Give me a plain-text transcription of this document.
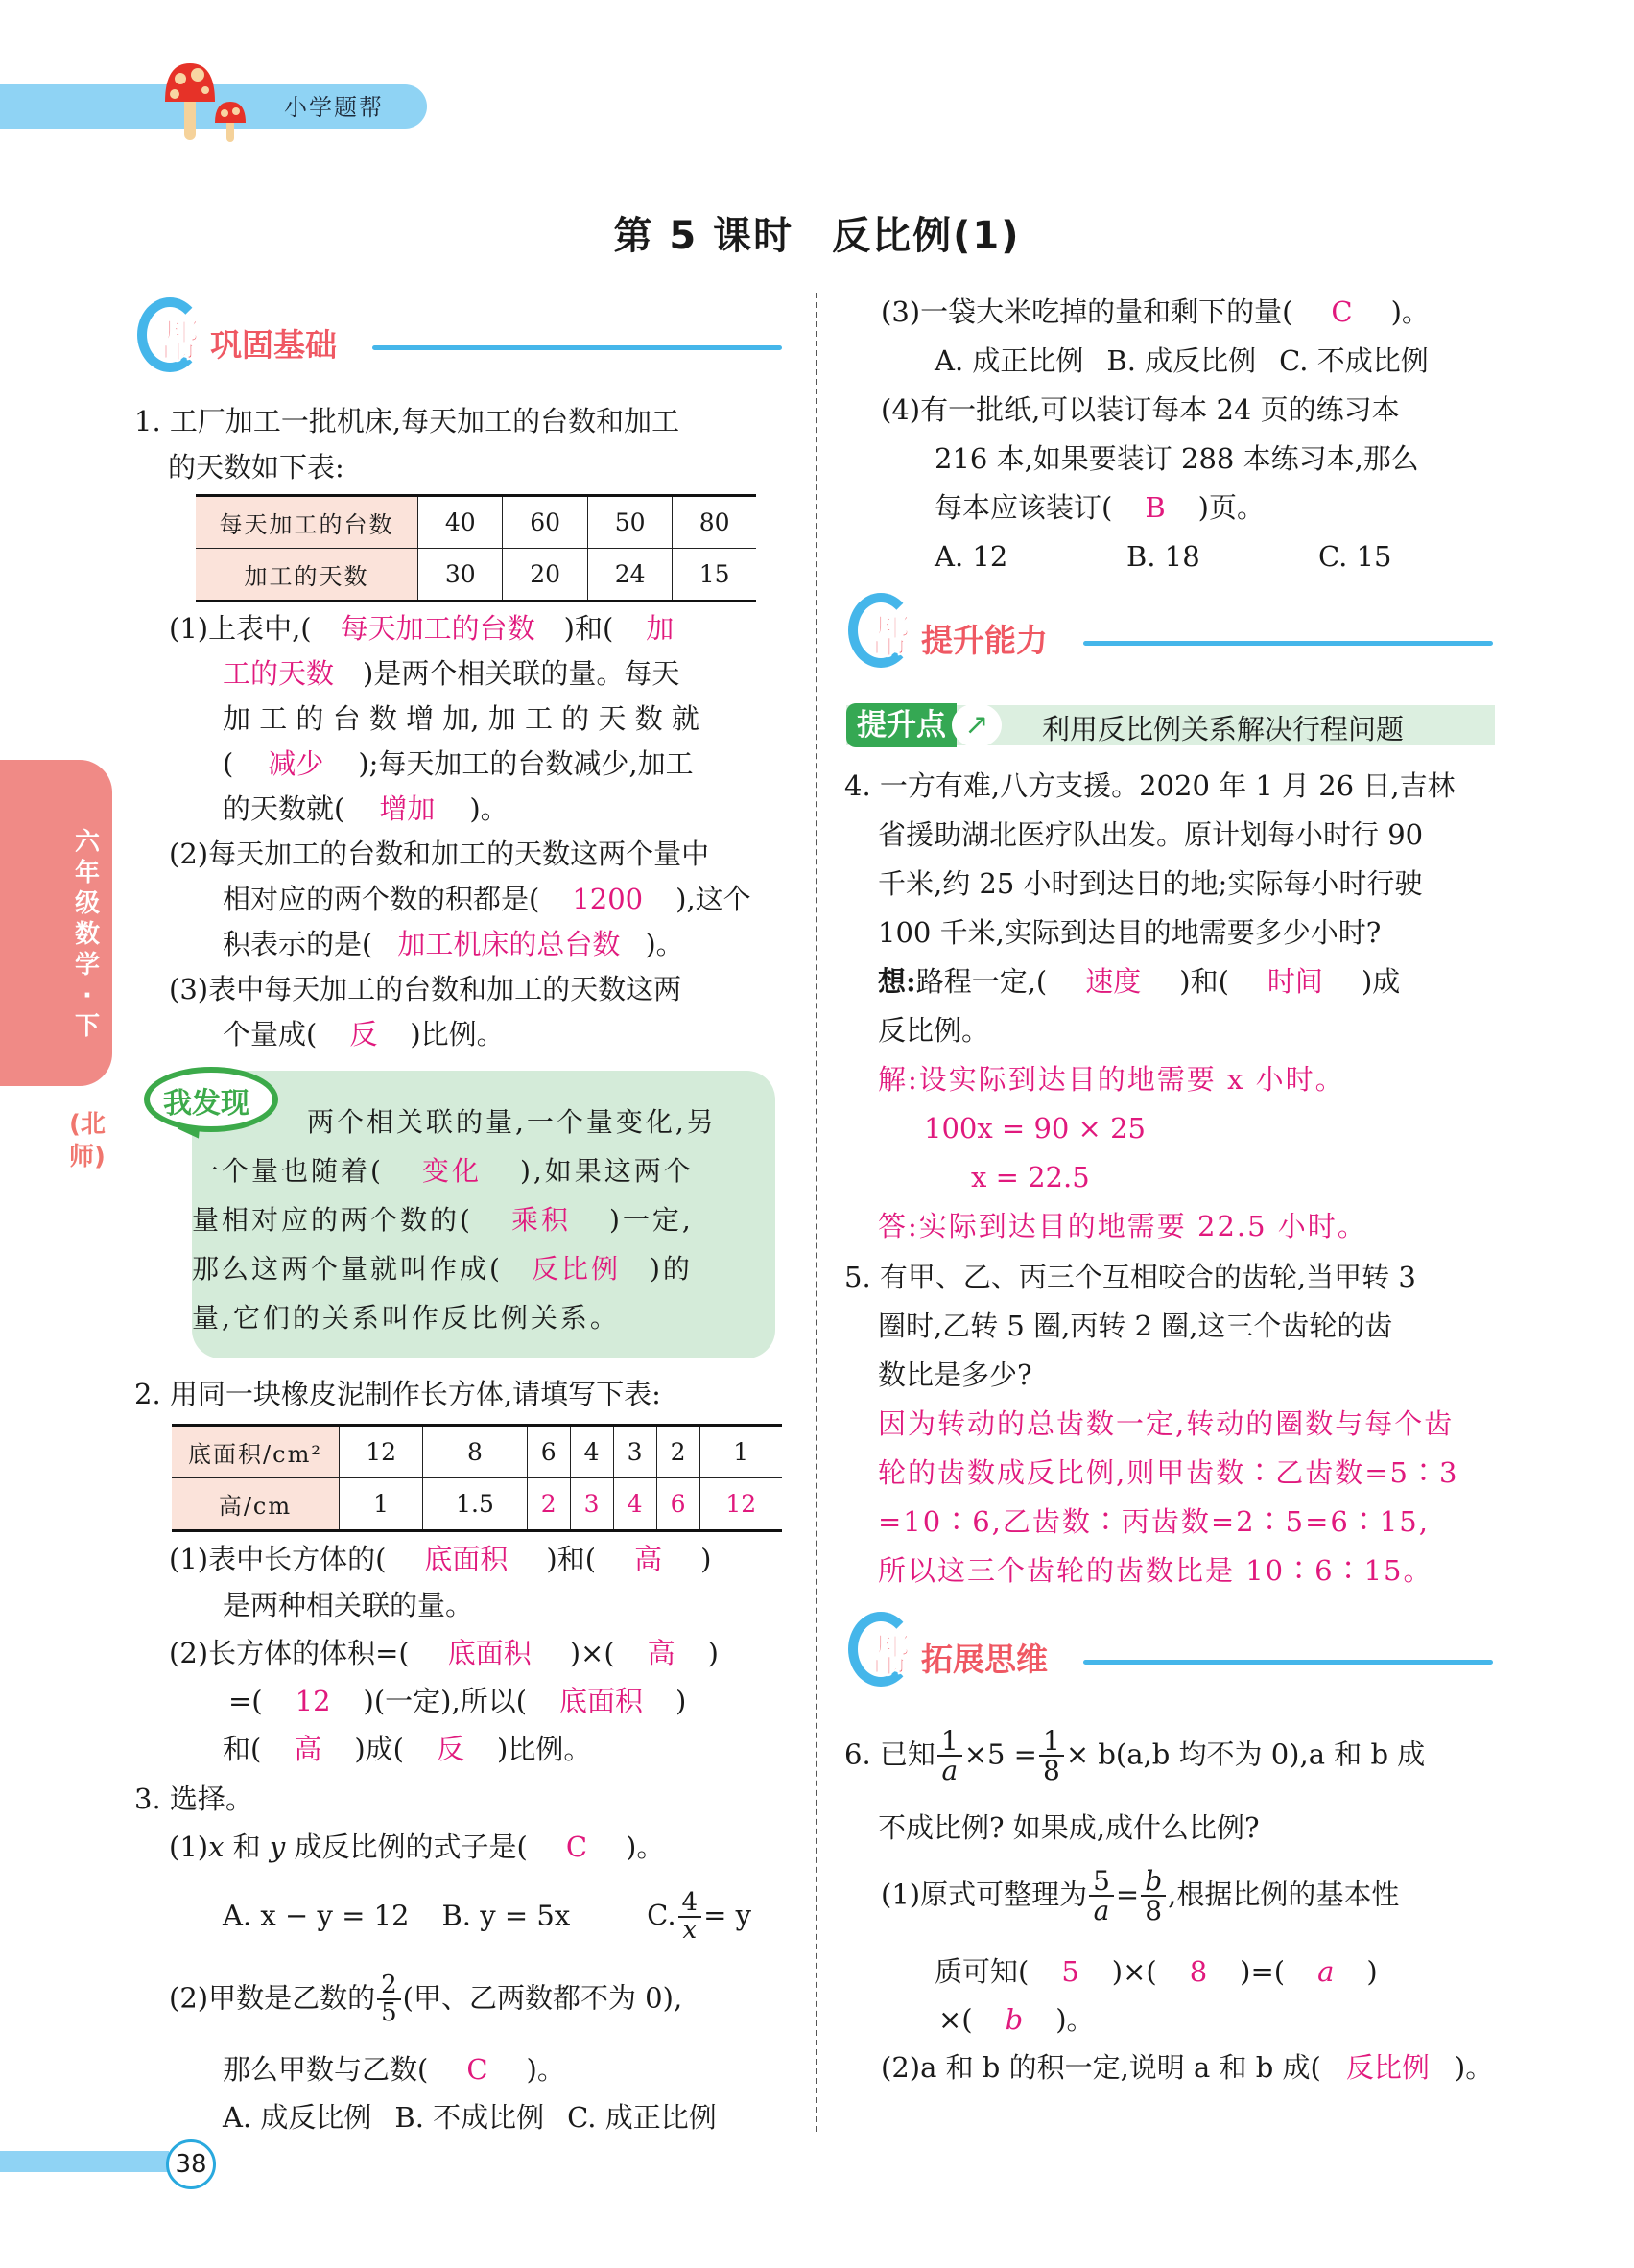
小学题帮
第 5 课时 反比例(1)
六年级数学·下
(北师)
帮 巩固基础
1. 工厂加工一批机床,每天加工的台数和加工
的天数如下表:
每天加工的台数	40	60	50	80
加工的天数	30	20	24	15
(1)上表中,( 每天加工的台数 )和( 加
工的天数 )是两个相关联的量。每天
加 工 的 台 数 增 加, 加 工 的 天 数 就
( 减少 );每天加工的台数减少,加工
的天数就( 增加 )。
(2)每天加工的台数和加工的天数这两个量中
相对应的两个数的积都是( 1200 ),这个
积表示的是( 加工机床的总台数 )。
(3)表中每天加工的台数和加工的天数这两
个量成( 反 )比例。
两个相关联的量,一个量变化,另
一个量也随着( 变化 ),如果这两个
量相对应的两个数的( 乘积 )一定,
那么这两个量就叫作成( 反比例 )的
量,它们的关系叫作反比例关系。
我发现
2. 用同一块橡皮泥制作长方体,请填写下表:
底面积/cm²	12	8	6	4	3	2	1
高/cm	1	1.5	2	3	4	6	12
(1)表中长方体的( 底面积 )和( 高 )
是两种相关联的量。
(2)长方体的体积=( 底面积 )×( 高 )
=( 12 )(一定),所以( 底面积 )
和( 高 )成( 反 )比例。
3. 选择。
(1)x 和 y 成反比例的式子是( C )。
A. x − y = 12 B. y = 5x	C. $\frac{4}{x} = y$
(2)甲数是乙数的 $\frac{2}{5}$ (甲、乙两数都不为 0),
那么甲数与乙数( C )。
A. 成反比例 B. 不成比例 C. 成正比例
(3)一袋大米吃掉的量和剩下的量( C )。
A. 成正比例 B. 成反比例 C. 不成比例
(4)有一批纸,可以装订每本 24 页的练习本
216 本,如果要装订 288 本练习本,那么
每本应该装订( B )页。
A. 12	B. 18	C. 15
帮 提升能力
提升点 ↗	利用反比例关系解决行程问题
4. 一方有难,八方支援。2020 年 1 月 26 日,吉林
省援助湖北医疗队出发。原计划每小时行 90
千米,约 25 小时到达目的地;实际每小时行驶
100 千米,实际到达目的地需要多少小时?
想:路程一定,( 速度 )和( 时间 )成
反比例。
解:设实际到达目的地需要 x 小时。
100x = 90 × 25
x = 22.5
答:实际到达目的地需要 22.5 小时。
5. 有甲、乙、丙三个互相咬合的齿轮,当甲转 3
圈时,乙转 5 圈,丙转 2 圈,这三个齿轮的齿
数比是多少?
因为转动的总齿数一定,转动的圈数与每个齿
轮的齿数成反比例,则甲齿数∶乙齿数=5∶3
=10∶6,乙齿数∶丙齿数=2∶5=6∶15,
所以这三个齿轮的齿数比是 10∶6∶15。
帮 拓展思维
6. 已知 $\frac{1}{a} \times 5 = \frac{1}{8} \times b(a,b$ 均不为 0),a 和 b 成
不成比例? 如果成,成什么比例?
(1)原式可整理为 $\frac{5}{a} = \frac{b}{8}$ ,根据比例的基本性
质可知( 5 )×( 8 )=( a )
×( b )。
(2)a 和 b 的积一定,说明 a 和 b 成( 反比例 )。
38
